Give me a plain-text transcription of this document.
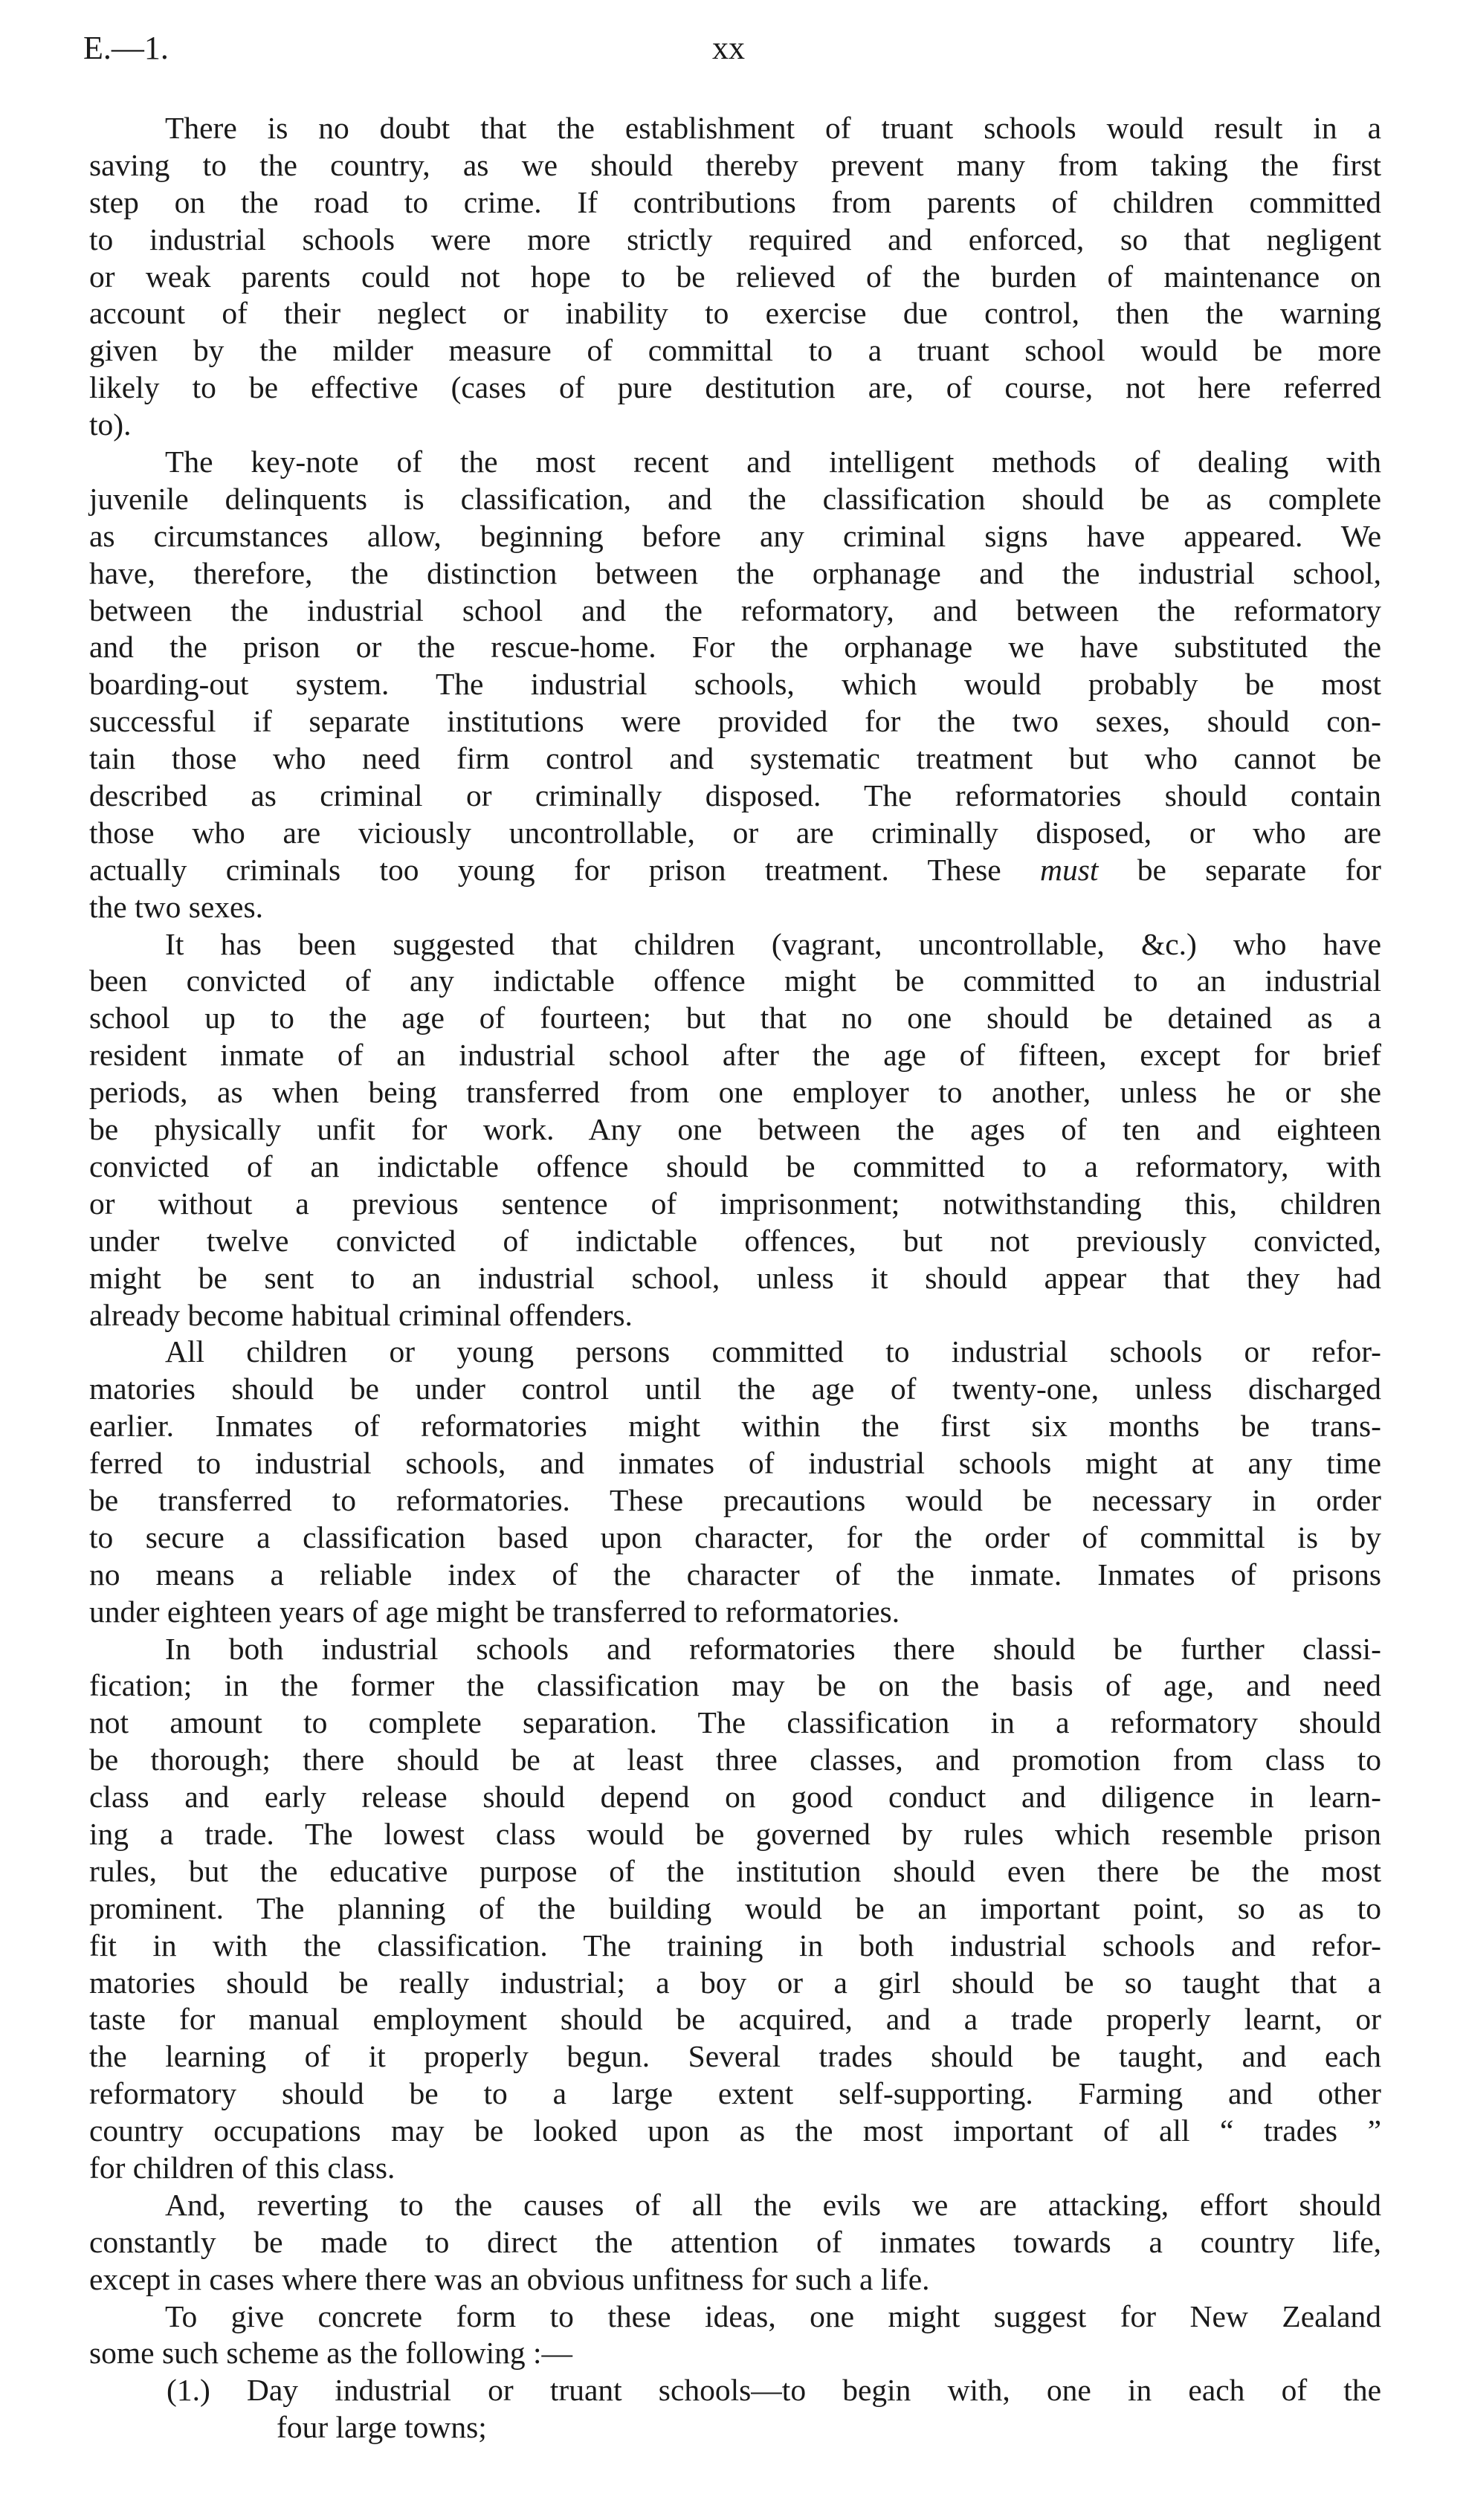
E.—1.	xx
There is no doubt that the establishment of truant schools would result in a
saving to the country, as we should thereby prevent many from taking the first
step on the road to crime. If contributions from parents of children committed
to industrial schools were more strictly required and enforced, so that negligent
or weak parents could not hope to be relieved of the burden of maintenance on
account of their neglect or inability to exercise due control, then the warning
given by the milder measure of committal to a truant school would be more
likely to be effective (cases of pure destitution are, of course, not here referred
to).
The key-note of the most recent and intelligent methods of dealing with
juvenile delinquents is classification, and the classification should be as complete
as circumstances allow, beginning before any criminal signs have appeared. We
have, therefore, the distinction between the orphanage and the industrial school,
between the industrial school and the reformatory, and between the reformatory
and the prison or the rescue-home. For the orphanage we have substituted the
boarding-out system. The industrial schools, which would probably be most
successful if separate institutions were provided for the two sexes, should con-
tain those who need firm control and systematic treatment but who cannot be
described as criminal or criminally disposed. The reformatories should contain
those who are viciously uncontrollable, or are criminally disposed, or who are
actually criminals too young for prison treatment. These must be separate for
the two sexes.
It has been suggested that children (vagrant, uncontrollable, &c.) who have
been convicted of any indictable offence might be committed to an industrial
school up to the age of fourteen; but that no one should be detained as a
resident inmate of an industrial school after the age of fifteen, except for brief
periods, as when being transferred from one employer to another, unless he or she
be physically unfit for work. Any one between the ages of ten and eighteen
convicted of an indictable offence should be committed to a reformatory, with
or without a previous sentence of imprisonment; notwithstanding this, children
under twelve convicted of indictable offences, but not previously convicted,
might be sent to an industrial school, unless it should appear that they had
already become habitual criminal offenders.
All children or young persons committed to industrial schools or refor-
matories should be under control until the age of twenty-one, unless discharged
earlier. Inmates of reformatories might within the first six months be trans-
ferred to industrial schools, and inmates of industrial schools might at any time
be transferred to reformatories. These precautions would be necessary in order
to secure a classification based upon character, for the order of committal is by
no means a reliable index of the character of the inmate. Inmates of prisons
under eighteen years of age might be transferred to reformatories.
In both industrial schools and reformatories there should be further classi-
fication; in the former the classification may be on the basis of age, and need
not amount to complete separation. The classification in a reformatory should
be thorough; there should be at least three classes, and promotion from class to
class and early release should depend on good conduct and diligence in learn-
ing a trade. The lowest class would be governed by rules which resemble prison
rules, but the educative purpose of the institution should even there be the most
prominent. The planning of the building would be an important point, so as to
fit in with the classification. The training in both industrial schools and refor-
matories should be really industrial; a boy or a girl should be so taught that a
taste for manual employment should be acquired, and a trade properly learnt, or
the learning of it properly begun. Several trades should be taught, and each
reformatory should be to a large extent self-supporting. Farming and other
country occupations may be looked upon as the most important of all “ trades ”
for children of this class.
And, reverting to the causes of all the evils we are attacking, effort should
constantly be made to direct the attention of inmates towards a country life,
except in cases where there was an obvious unfitness for such a life.
To give concrete form to these ideas, one might suggest for New Zealand
some such scheme as the following :—
(1.) Day industrial or truant schools—to begin with, one in each of the
four large towns;
